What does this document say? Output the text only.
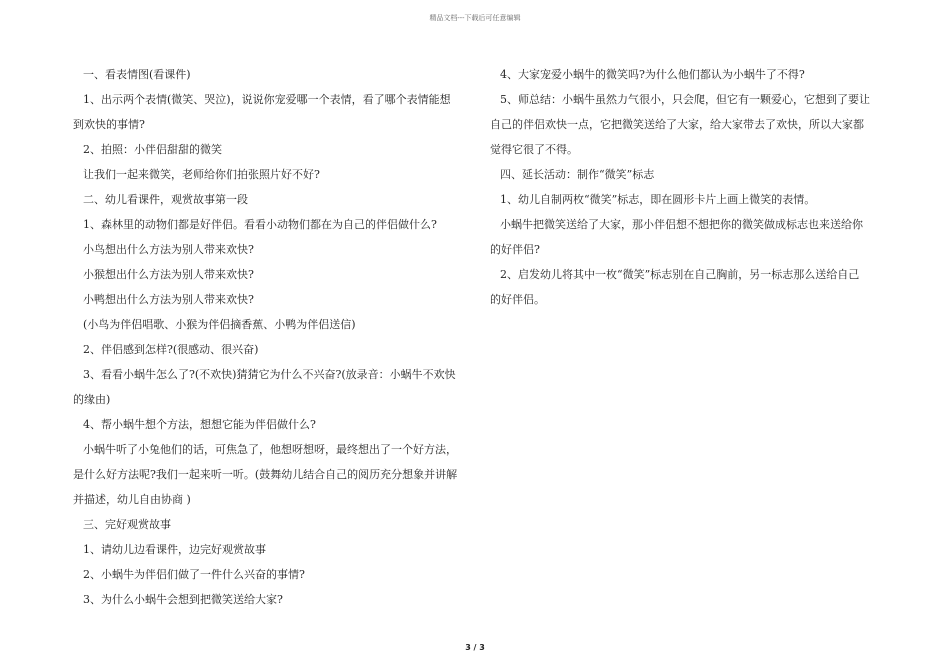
精品文档---下载后可任意编辑

一、看表情图(看课件)

1、出示两个表情(微笑、哭泣)，说说你宠爱哪一个表情，看了哪个表情能想

到欢快的事情?

2、拍照：小伴侣甜甜的微笑

让我们一起来微笑，老师给你们拍张照片好不好?

二、幼儿看课件，观赏故事第一段

1、森林里的动物们都是好伴侣。看看小动物们都在为自己的伴侣做什么?

小鸟想出什么方法为别人带来欢快?

小猴想出什么方法为别人带来欢快?

小鸭想出什么方法为别人带来欢快?

(小鸟为伴侣唱歌、小猴为伴侣摘香蕉、小鸭为伴侣送信)

2、伴侣感到怎样?(很感动、很兴奋)

3、看看小蜗牛怎么了?(不欢快)猜猜它为什么不兴奋?(放录音：小蜗牛不欢快

的缘由)

4、帮小蜗牛想个方法，想想它能为伴侣做什么?

小蜗牛听了小兔他们的话，可焦急了，他想呀想呀，最终想出了一个好方法，

是什么好方法呢?我们一起来听一听。(鼓舞幼儿结合自己的阅历充分想象并讲解

并描述，幼儿自由协商 )

三、完好观赏故事

1、请幼儿边看课件，边完好观赏故事

2、小蜗牛为伴侣们做了一件什么兴奋的事情?

3、为什么小蜗牛会想到把微笑送给大家?

4、大家宠爱小蜗牛的微笑吗?为什么他们都认为小蜗牛了不得?

5、师总结：小蜗牛虽然力气很小，只会爬，但它有一颗爱心，它想到了要让

自己的伴侣欢快一点，它把微笑送给了大家，给大家带去了欢快，所以大家都

觉得它很了不得。

四、延长活动：制作“微笑”标志

1、幼儿自制两枚“微笑”标志，即在圆形卡片上画上微笑的表情。

小蜗牛把微笑送给了大家，那小伴侣想不想把你的微笑做成标志也来送给你

的好伴侣?

2、启发幼儿将其中一枚“微笑”标志别在自己胸前，另一标志那么送给自己

的好伴侣。

3 / 3
